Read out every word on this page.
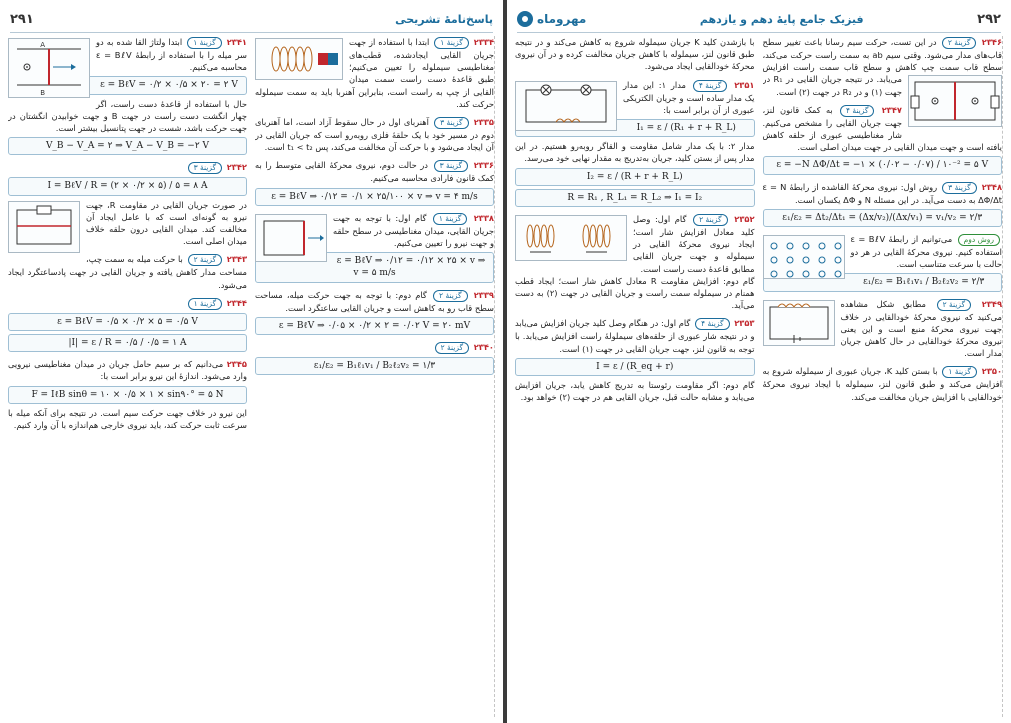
۲۹۱	پاسخ‌نامهٔ تشریحی
۲۳۴۱ گزینهٔ ۱
A
B
ابتدا ولتاژ القا شده به دو سر میله را با استفاده از رابطهٔ ε = BℓV محاسبه می‌کنیم.
ε = BℓV = ۰/۲ × ۰/۵ × ۲۰ = ۲ V
حال با استفاده از قاعدهٔ دست راست، اگر چهار انگشت دست راست در جهت B و جهت خوابیدن انگشتان در جهت حرکت باشد، شست در جهت پتانسیل بیشتر است.
V_B − V_A = ۲ ⇒ V_A − V_B = −۲ V
۲۳۴۲ گزینهٔ ۳
I = BℓV / R = (۲ × ۰/۲ × ۵) / ۵ = ۸ A
در صورت جریان القایی در مقاومت R، جهت نیرو به گونه‌ای است که با عامل ایجاد آن مخالفت کند. میدان القایی درون حلقه خلاف میدان اصلی است.
۲۳۴۳ گزینهٔ ۲ با حرکت میله به سمت چپ، مساحت مدار کاهش یافته و جریان القایی در جهت پادساعتگرد ایجاد می‌شود.
۲۳۴۴ گزینهٔ ۱
ε = BℓV = ۰/۵ × ۰/۲ × ۵ = ۰/۵ V
|I| = ε / R = ۰/۵ / ۰/۵ = ۱ A
۲۳۴۵ می‌دانیم که بر سیم حامل جریان در میدان مغناطیسی نیرویی وارد می‌شود. اندازهٔ این نیرو برابر است با:
F = IℓB sinθ = ۱۰ × ۰/۵ × ۱ × sin۹۰° = ۵ N
این نیرو در خلاف جهت حرکت سیم است. در نتیجه برای آنکه میله با سرعت ثابت حرکت کند، باید نیروی خارجی هم‌اندازه با آن وارد کنیم.
۲۳۳۴ گزینهٔ ۱
ابتدا با استفاده از جهت جریان القایی ایجادشده، قطب‌های مغناطیسی سیملوله را تعیین می‌کنیم؛ طبق قاعدهٔ دست راست سمت میدان القایی از چپ به راست است، بنابراین آهنربا باید به سمت سیملوله حرکت کند.
۲۳۳۵ گزینهٔ ۳ آهنربای اول در حال سقوط آزاد است، اما آهنربای دوم در مسیر خود با یک حلقهٔ فلزی روبه‌رو است که جریان القایی در آن ایجاد می‌شود و با حرکت آن مخالفت می‌کند، پس t₁ < t₂ است.
۲۳۳۶ گزینهٔ ۳ در حالت دوم، نیروی محرکهٔ القایی متوسط را به کمک قانون فارادی محاسبه می‌کنیم.
ε = BℓV ⇒ ۰/۱۲ = ۰/۱ × ۲۵/۱۰۰ × v ⇒ v = ۴ m/s
۲۳۳۸ گزینهٔ ۱
گام اول: با توجه به جهت جریان القایی، میدان مغناطیسی در سطح حلقه و جهت نیرو را تعیین می‌کنیم.
ε = BℓV ⇒ ۰/۱۲ = ۰/۱۲ × ۲۵ × v ⇒ v = ۵ m/s
۲۳۳۹ گزینهٔ ۲ گام دوم: با توجه به جهت حرکت میله، مساحت سطح قاب رو به کاهش است و جریان القایی ساعتگرد است.
ε = BℓV ⇒ ۰/۰۵ × ۰/۲ × ۲ = ۰/۰۲ V = ۲۰ mV
۲۳۴۰ گزینهٔ ۲
ε₁/ε₂ = B₁ℓ₁v₁ / B₂ℓ₂v₂ = ۱/۳
مهروماه	فیزیک جامع پایهٔ دهم و یازدهم	۲۹۲
با بازشدن کلید K جریان سیملوله شروع به کاهش می‌کند و در نتیجه طبق قانون لنز، سیملوله با کاهش جریان مخالفت کرده و در آن نیروی محرکهٔ خودالقایی ایجاد می‌شود.
۲۳۵۱ گزینهٔ ۴
مدار ۱: این مدار یک مدار ساده است و جریان الکتریکی عبوری از آن برابر است با:
I₁ = ε / (R₁ + r + R_L)
مدار ۲: با یک مدار شامل مقاومت و القاگر روبه‌رو هستیم. در این مدار پس از بستن کلید، جریان به‌تدریج به مقدار نهایی خود می‌رسد.
I₂ = ε / (R + r + R_L)
R = R₁ , R_L₁ = R_L₂ ⇒ I₁ = I₂
۲۳۵۲ گزینهٔ ۲
گام اول: وصل کلید معادل افزایش شار است؛ ایجاد نیروی محرکهٔ القایی در سیملوله و جهت جریان القایی مطابق قاعدهٔ دست راست است.
گام دوم: افزایش مقاومت R معادل کاهش شار است؛ ایجاد قطب همنام در سیملوله سمت راست و جریان القایی در جهت (۲) به دست می‌آید.
۲۳۵۳ گزینهٔ ۴ گام اول: در هنگام وصل کلید جریان افزایش می‌یابد و در نتیجه شار عبوری از حلقه‌های سیملولهٔ راست افزایش می‌یابد. با توجه به قانون لنز، جهت جریان القایی در جهت (۱) است.
I = ε / (R_eq + r)
گام دوم: اگر مقاومت رئوستا به تدریج کاهش یابد، جریان افزایش می‌یابد و مشابه حالت قبل، جریان القایی هم در جهت (۲) خواهد بود.
۲۳۴۶ گزینهٔ ۲ در این تست، حرکت سیم رسانا باعث تغییر سطح قاب‌های مدار می‌شود. وقتی سیم ab به سمت راست حرکت می‌کند، سطح قاب سمت چپ کاهش و سطح قاب سمت راست افزایش می‌یابد.
در نتیجه جریان القایی در R₁ در جهت (۱) و در R₂ در جهت (۲) است.
۲۳۴۷ گزینهٔ ۴ به کمک قانون لنز، جهت جریان القایی را مشخص می‌کنیم. شار مغناطیسی عبوری از حلقه کاهش یافته است و جهت میدان القایی در جهت میدان اصلی است.
ε = −N ΔΦ/Δt = −۱ × (۰/۰۲ − ۰/۰۷) / ۱۰⁻² = ۵ V
۲۳۴۸ گزینهٔ ۳ روش اول: نیروی محرکهٔ القاشده از رابطهٔ ε = N ΔΦ/Δt به دست می‌آید. در این مسئله N و ΔΦ یکسان است.
ε₁/ε₂ = Δt₂/Δt₁ = (Δx/v₂)/(Δx/v₁) = v₁/v₂ = ۲/۳
روش دوم
می‌توانیم از رابطهٔ ε = BℓV استفاده کنیم. نیروی محرکهٔ القایی در هر دو حالت با سرعت متناسب است.
ε₁/ε₂ = B₁ℓ₁v₁ / B₂ℓ₂v₂ = ۲/۳
۲۳۴۹ گزینهٔ ۲
مطابق شکل مشاهده می‌کنید که نیروی محرکهٔ خودالقایی در خلاف جهت نیروی محرکهٔ منبع است و این یعنی نیروی محرکهٔ خودالقایی در حال کاهش جریان مدار است.
۲۳۵۰ گزینهٔ ۱ با بستن کلید K، جریان عبوری از سیملوله شروع به افزایش می‌کند و طبق قانون لنز، سیملوله با ایجاد نیروی محرکهٔ خودالقایی با افزایش جریان مخالفت می‌کند.
